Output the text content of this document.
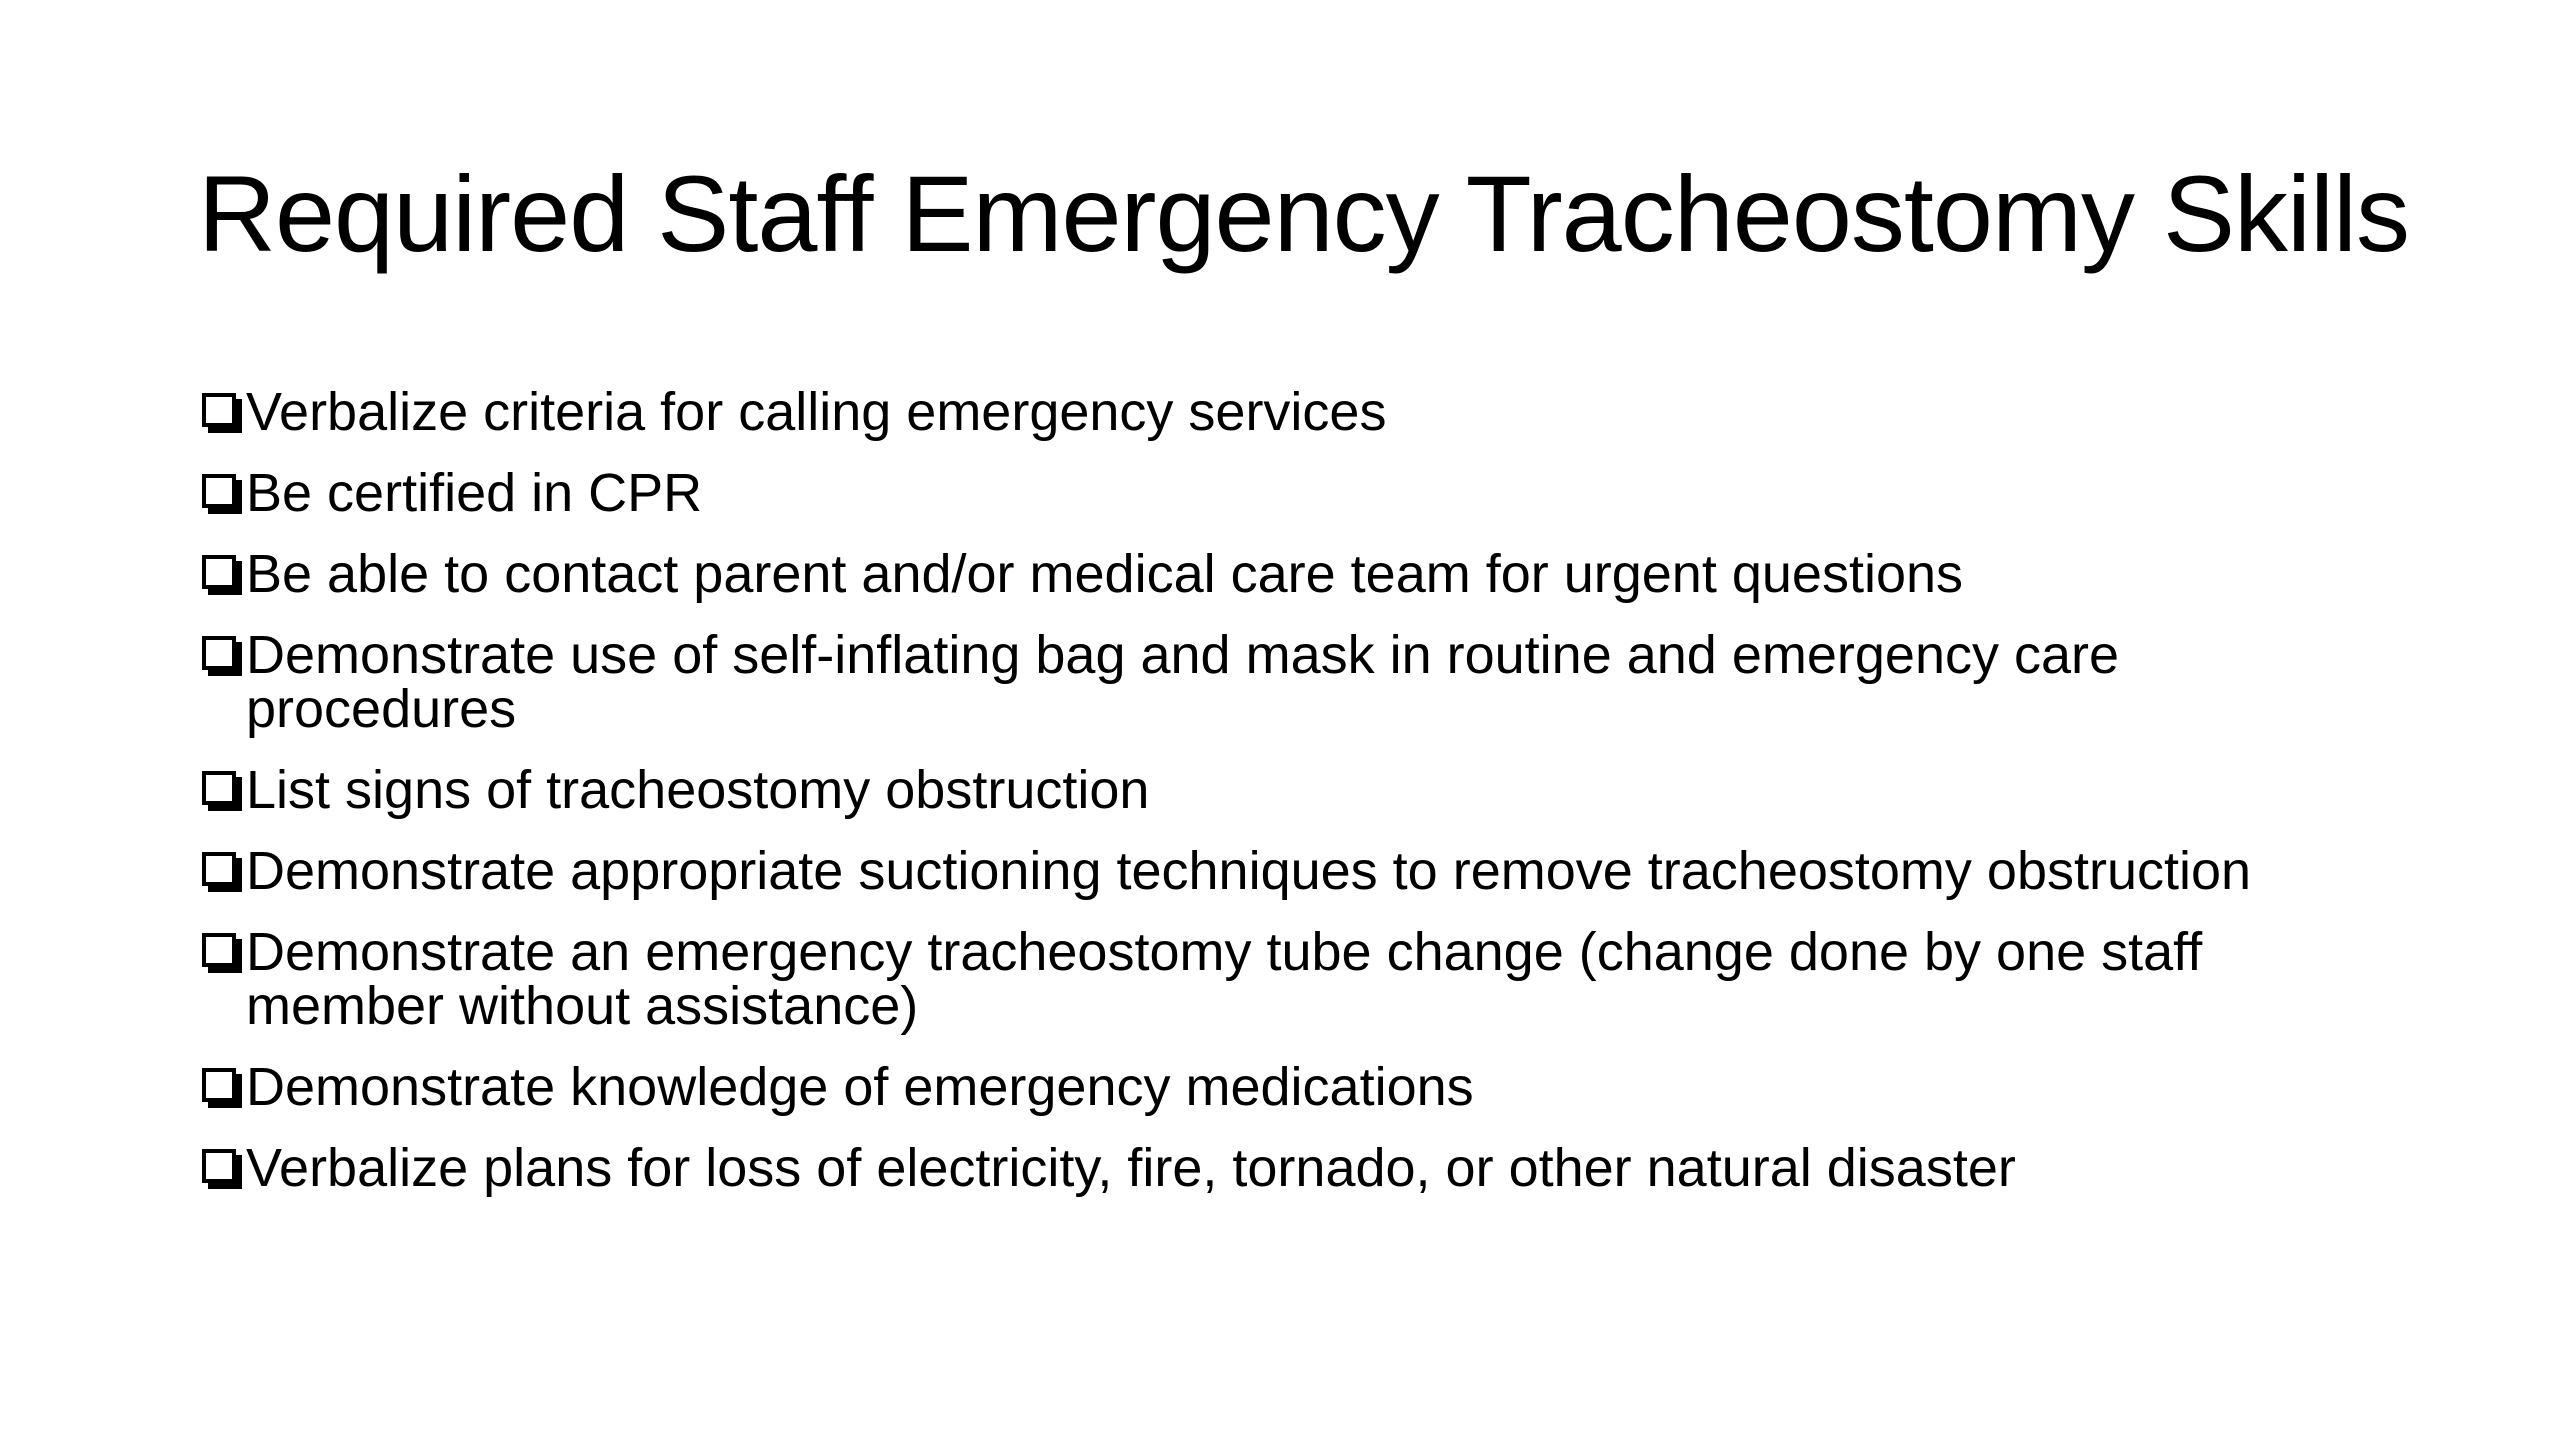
Required Staff Emergency Tracheostomy Skills
Verbalize criteria for calling emergency services
Be certified in CPR
Be able to contact parent and/or medical care team for urgent questions
Demonstrate use of self-inflating bag and mask in routine and emergency care procedures
List signs of tracheostomy obstruction
Demonstrate appropriate suctioning techniques to remove tracheostomy obstruction
Demonstrate an emergency tracheostomy tube change (change done by one staff member without assistance)
Demonstrate knowledge of emergency medications
Verbalize plans for loss of electricity, fire, tornado, or other natural disaster
